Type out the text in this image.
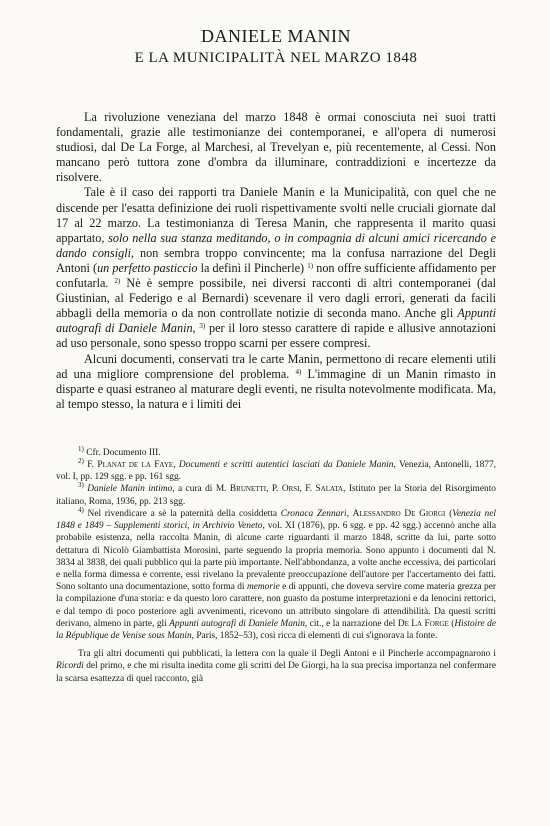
DANIELE MANIN
E LA MUNICIPALITÀ NEL MARZO 1848

La rivoluzione veneziana del marzo 1848 è ormai conosciuta nei suoi tratti fondamentali, grazie alle testimonianze dei contemporanei, e all'opera di numerosi studiosi, dal De La Forge, al Marchesi, al Trevelyan e, più recentemente, al Cessi. Non mancano però tuttora zone d'ombra da illuminare, contraddizioni e incertezze da risolvere.

Tale è il caso dei rapporti tra Daniele Manin e la Municipalità, con quel che ne discende per l'esatta definizione dei ruoli rispettivamente svolti nelle cruciali giornate dal 17 al 22 marzo. La testimonianza di Teresa Manin, che rappresenta il marito quasi appartato, solo nella sua stanza meditando, o in compagnia di alcuni amici ricercando e dando consigli, non sembra troppo convincente; ma la confusa narrazione del Degli Antoni (un perfetto pasticcio la definì il Pincherle) $^{1)}$ non offre sufficiente affidamento per confutarla. $^{2)}$ Nè è sempre possibile, nei diversi racconti di altri contemporanei (dal Giustinian, al Federigo e al Bernardi) scevenare il vero dagli errori, generati da facili abbagli della memoria o da non controllate notizie di seconda mano. Anche gli Appunti autografi di Daniele Manin, $^{3)}$ per il loro stesso carattere di rapide e allusive annotazioni ad uso personale, sono spesso troppo scarni per essere compresi.

Alcuni documenti, conservati tra le carte Manin, permettono di recare elementi utili ad una migliore comprensione del problema. $^{4)}$ L'immagine di un Manin rimasto in disparte e quasi estraneo al maturare degli eventi, ne risulta notevolmente modificata. Ma, al tempo stesso, la natura e i limiti dei

$^{1)}$ Cfr. Documento III.

$^{2)}$ F. Planat de la Faye, Documenti e scritti autentici lasciati da Daniele Manin, Venezia, Antonelli, 1877, vol. I, pp. 129 sgg. e pp. 161 sgg.

$^{3)}$ Daniele Manin intimo, a cura di M. Brunetti, P. Orsi, F. Salata, Istituto per la Storia del Risorgimento italiano, Roma, 1936, pp. 213 sgg.

$^{4)}$ Nel rivendicare a sè la paternità della cosiddetta Cronaca Zennari, Alessandro De Giorgi (Venezia nel 1848 e 1849 – Supplementi storici, in Archivio Veneto, vol. XI (1876), pp. 6 sgg. e pp. 42 sgg.) accennò anche alla probabile esistenza, nella raccolta Manin, di alcune carte riguardanti il marzo 1848, scritte da lui, parte sotto dettatura di Nicolò Giambattista Morosini, parte seguendo la propria memoria. Sono appunto i documenti dal N. 3834 al 3838, dei quali pubblico qui la parte più importante. Nell'abbondanza, a volte anche eccessiva, dei particolari e nella forma dimessa e corrente, essi rivelano la prevalente preoccupazione dell'autore per l'accertamento dei fatti. Sono soltanto una documentazione, sotto forma di memorie e di appunti, che doveva servire come materia grezza per la compilazione d'una storia: e da questo loro carattere, non guasto da postume interpretazioni e da lenocini rettorici, e dal tempo di poco posteriore agli avvenimenti, ricevono un attributo singolare di attendibilità. Da questi scritti derivano, almeno in parte, gli Appunti autografi di Daniele Manin, cit., e la narrazione del De La Forge (Histoire de la République de Venise sous Manin, Paris, 1852–53), così ricca di elementi di cui s'ignorava la fonte.

Tra gli altri documenti qui pubblicati, la lettera con la quale il Degli Antoni e il Pincherle accompagnarono i Ricordi del primo, e che mi risulta inedita come gli scritti del De Giorgi, ha la sua precisa importanza nel confermare la scarsa esattezza di quel racconto, già
